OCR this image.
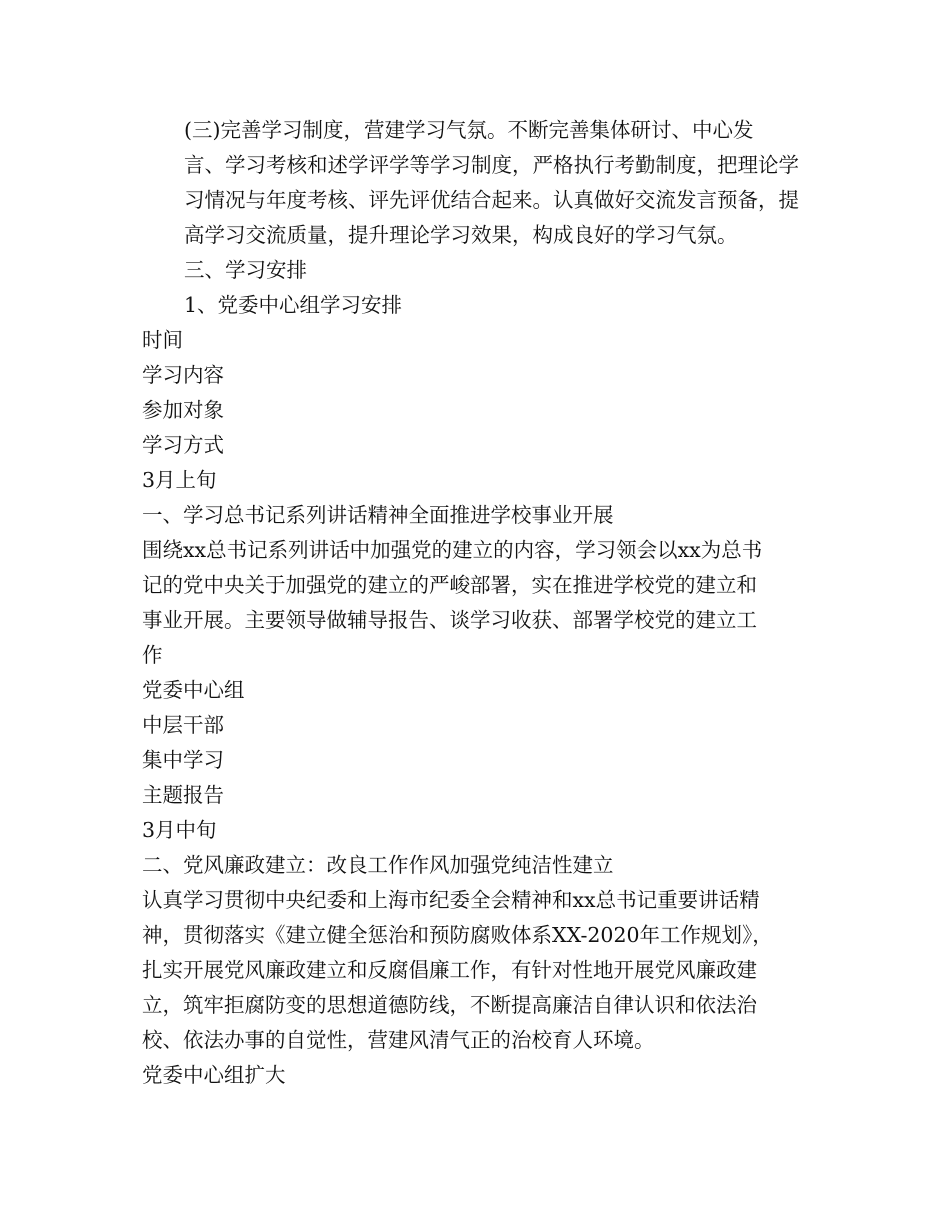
(三)完善学习制度，营建学习气氛。不断完善集体研讨、中心发
言、学习考核和述学评学等学习制度，严格执行考勤制度，把理论学
习情况与年度考核、评先评优结合起来。认真做好交流发言预备，提
高学习交流质量，提升理论学习效果，构成良好的学习气氛。
三、学习安排
1、党委中心组学习安排
时间
学习内容
参加对象
学习方式
3月上旬
一、学习总书记系列讲话精神全面推进学校事业开展
围绕xx总书记系列讲话中加强党的建立的内容，学习领会以xx为总书
记的党中央关于加强党的建立的严峻部署，实在推进学校党的建立和
事业开展。主要领导做辅导报告、谈学习收获、部署学校党的建立工
作
党委中心组
中层干部
集中学习
主题报告
3月中旬
二、党风廉政建立：改良工作作风加强党纯洁性建立
认真学习贯彻中央纪委和上海市纪委全会精神和xx总书记重要讲话精
神，贯彻落实《建立健全惩治和预防腐败体系XX-2020年工作规划》，
扎实开展党风廉政建立和反腐倡廉工作，有针对性地开展党风廉政建
立，筑牢拒腐防变的思想道德防线，不断提高廉洁自律认识和依法治
校、依法办事的自觉性，营建风清气正的治校育人环境。
党委中心组扩大
